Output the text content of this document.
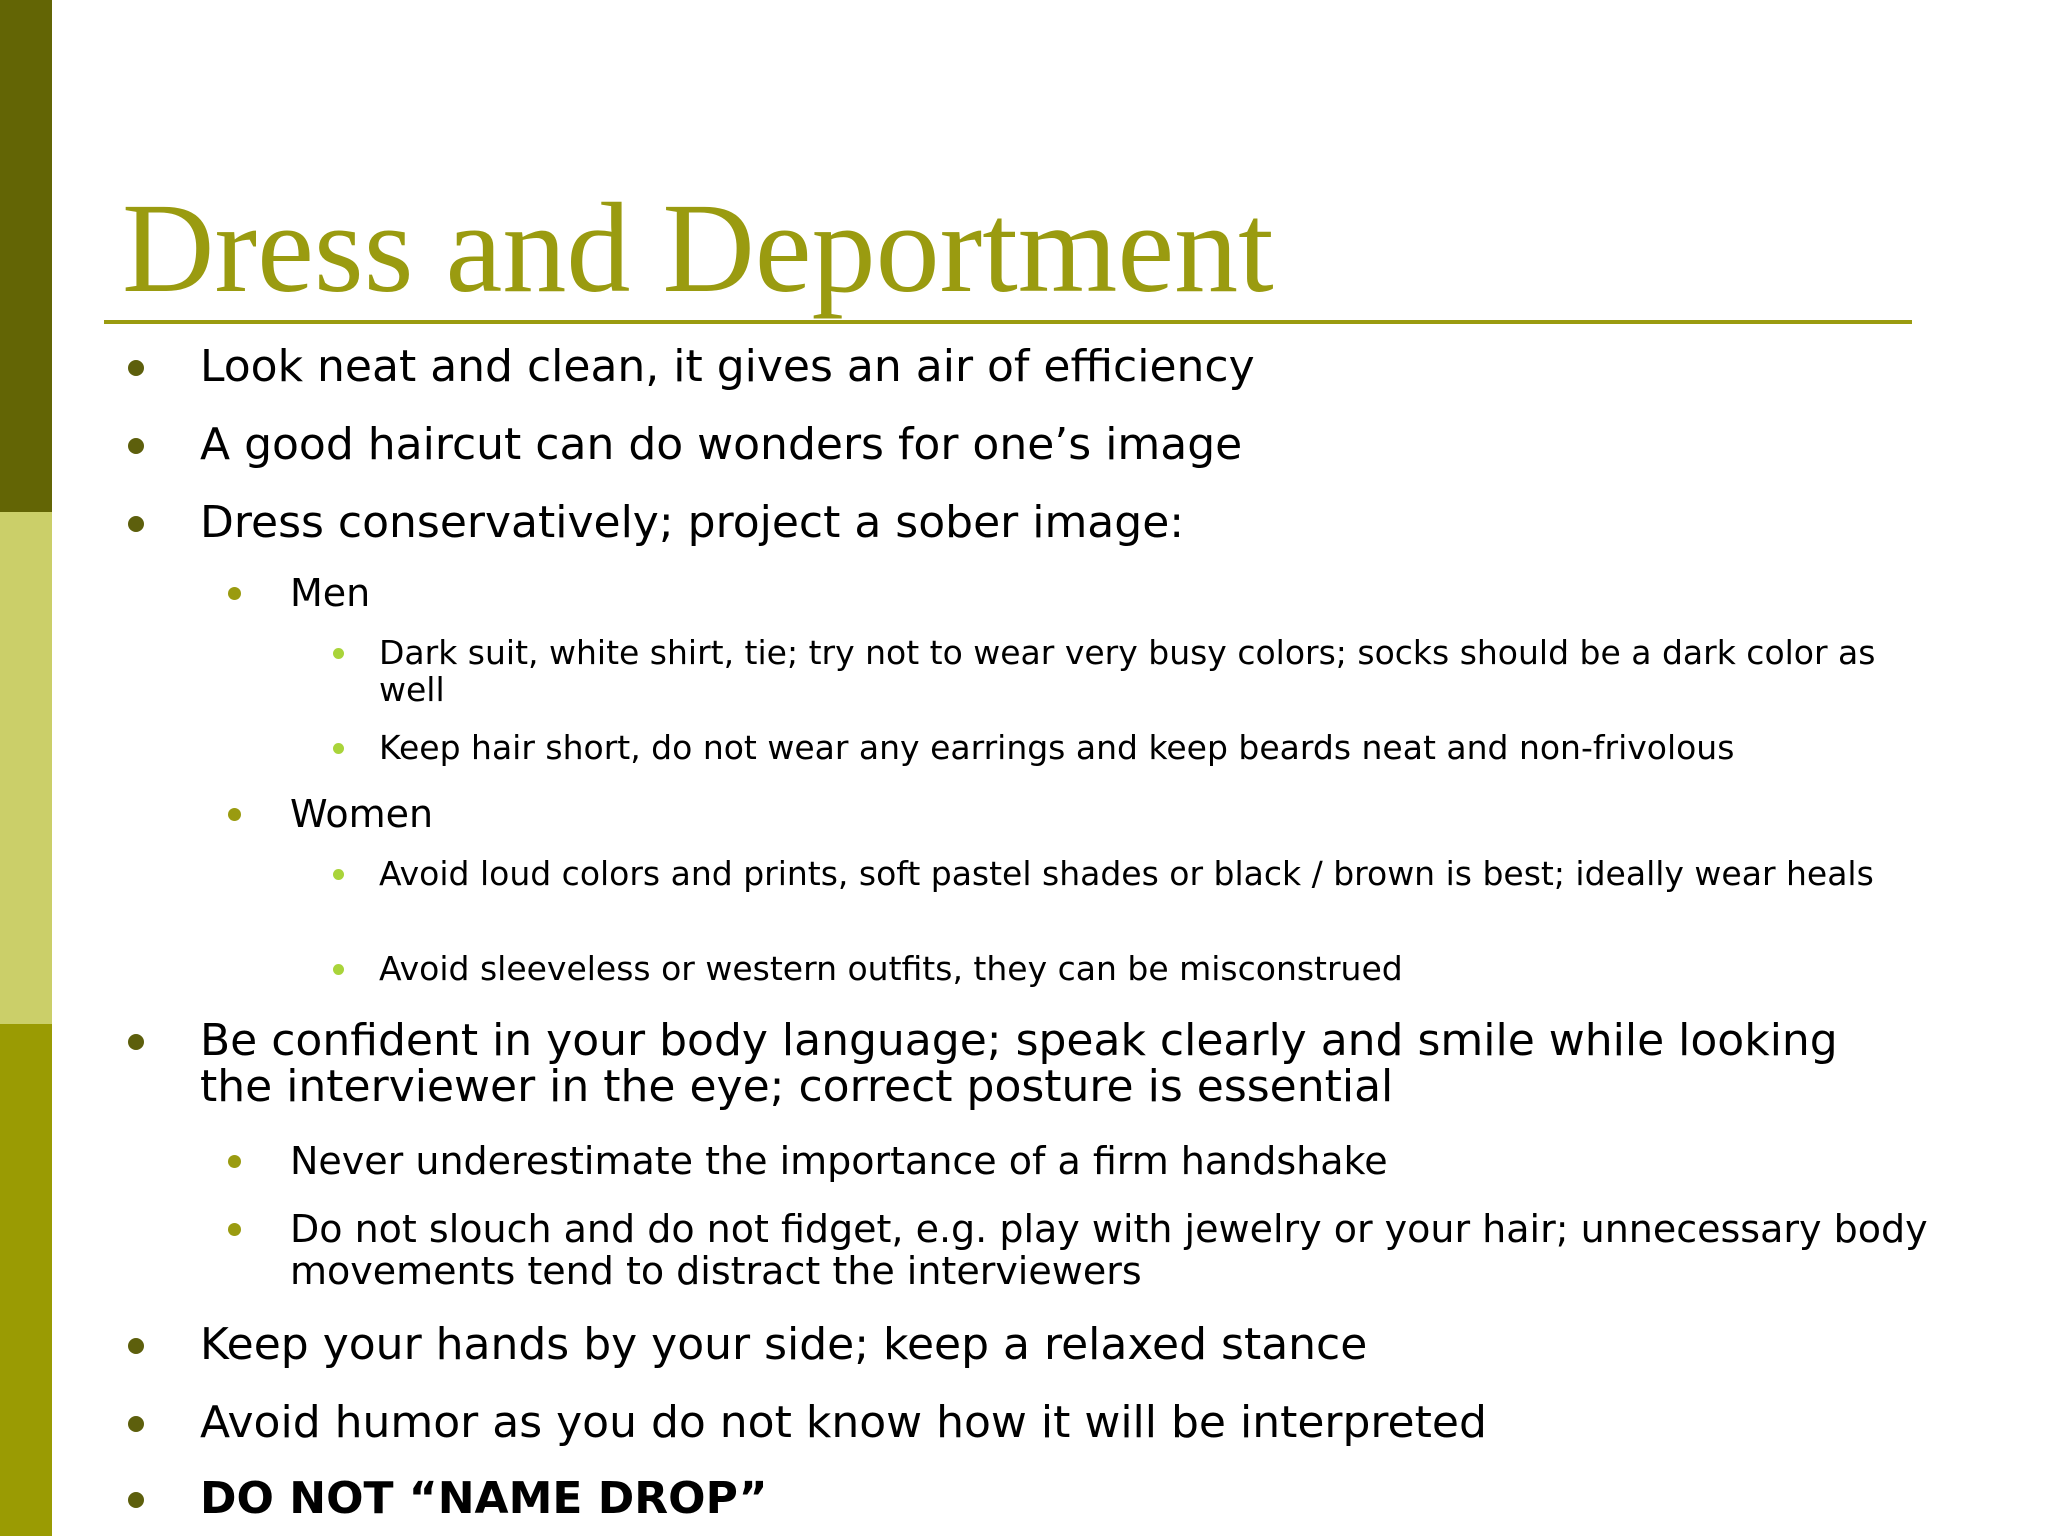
Dress and Deportment
Look neat and clean, it gives an air of efficiency
A good haircut can do wonders for one’s image
Dress conservatively; project a sober image:
Men
Dark suit, white shirt, tie; try not to wear very busy colors; socks should be a dark color as well
Keep hair short, do not wear any earrings and keep beards neat and non-frivolous
Women
Avoid loud colors and prints, soft pastel shades or black / brown is best; ideally wear heals
Avoid sleeveless or western outfits, they can be misconstrued
Be confident in your body language; speak clearly and smile while looking the interviewer in the eye; correct posture is essential
Never underestimate the importance of a firm handshake
Do not slouch and do not fidget, e.g. play with jewelry or your hair; unnecessary body movements tend to distract the interviewers
Keep your hands by your side; keep a relaxed stance
Avoid humor as you do not know how it will be interpreted
DO NOT “NAME DROP”
